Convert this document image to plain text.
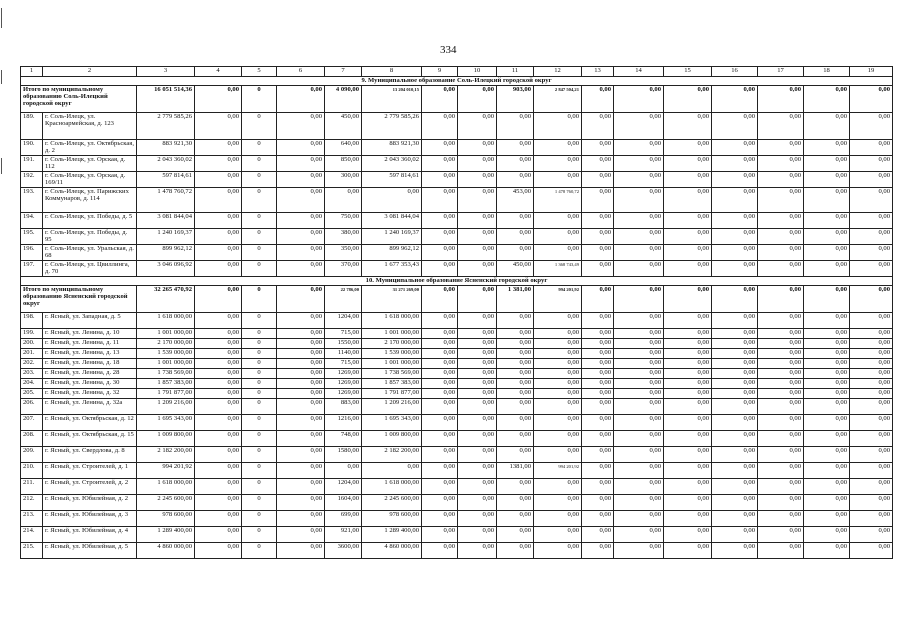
334
1	2	3	4	5	6	7	8	9	10	11	12	13	14	15	16	17	18	19
9. Муниципальное образование Соль-Илецкий городской округ																		
Итого по муниципальному образованию Соль-Илецкий городской округ		16 051 514,36	0,00	0	0,00	4 090,00	13 204 010,15	0,00	0,00	903,00	2 847 504,21	0,00	0,00	0,00	0,00	0,00	0,00	0,00
189.	г. Соль-Илецк, ул. Красноармейская, д. 123	2 779 585,26	0,00	0	0,00	450,00	2 779 585,26	0,00	0,00	0,00	0,00	0,00	0,00	0,00	0,00	0,00	0,00	0,00
190.	г. Соль-Илецк, ул. Октябрьская, д. 2	883 921,30	0,00	0	0,00	640,00	883 921,30	0,00	0,00	0,00	0,00	0,00	0,00	0,00	0,00	0,00	0,00	0,00
191.	г. Соль-Илецк, ул. Орская, д. 112	2 043 360,02	0,00	0	0,00	850,00	2 043 360,02	0,00	0,00	0,00	0,00	0,00	0,00	0,00	0,00	0,00	0,00	0,00
192.	г. Соль-Илецк, ул. Орская, д. 169/11	597 814,61	0,00	0	0,00	300,00	597 814,61	0,00	0,00	0,00	0,00	0,00	0,00	0,00	0,00	0,00	0,00	0,00
193.	г. Соль-Илецк, ул. Парижских Коммунаров, д. 114	1 478 760,72	0,00	0	0,00	0,00	0,00	0,00	0,00	453,00	1 478 760,72	0,00	0,00	0,00	0,00	0,00	0,00	0,00
194.	г. Соль-Илецк, ул. Победы, д. 5	3 081 844,04	0,00	0	0,00	750,00	3 081 844,04	0,00	0,00	0,00	0,00	0,00	0,00	0,00	0,00	0,00	0,00	0,00
195.	г. Соль-Илецк, ул. Победы, д. 95	1 240 169,37	0,00	0	0,00	380,00	1 240 169,37	0,00	0,00	0,00	0,00	0,00	0,00	0,00	0,00	0,00	0,00	0,00
196.	г. Соль-Илецк, ул. Уральская, д. 68	899 962,12	0,00	0	0,00	350,00	899 962,12	0,00	0,00	0,00	0,00	0,00	0,00	0,00	0,00	0,00	0,00	0,00
197.	г. Соль-Илецк, ул. Цвиллинга, д. 70	3 046 096,92	0,00	0	0,00	370,00	1 677 353,43	0,00	0,00	450,00	1 368 743,49	0,00	0,00	0,00	0,00	0,00	0,00	0,00
10. Муниципальное образование Ясненский городской округ																		
Итого по муниципальному образованию Ясненский городской округ		32 265 470,92	0,00	0	0,00	22 786,00	31 271 269,00	0,00	0,00	1 381,00	994 201,92	0,00	0,00	0,00	0,00	0,00	0,00	0,00
198.	г. Ясный, ул. Западная, д. 5	1 618 000,00	0,00	0	0,00	1204,00	1 618 000,00	0,00	0,00	0,00	0,00	0,00	0,00	0,00	0,00	0,00	0,00	0,00
199.	г. Ясный, ул. Ленина, д. 10	1 001 000,00	0,00	0	0,00	715,00	1 001 000,00	0,00	0,00	0,00	0,00	0,00	0,00	0,00	0,00	0,00	0,00	0,00
200.	г. Ясный, ул. Ленина, д. 11	2 170 000,00	0,00	0	0,00	1550,00	2 170 000,00	0,00	0,00	0,00	0,00	0,00	0,00	0,00	0,00	0,00	0,00	0,00
201.	г. Ясный, ул. Ленина, д. 13	1 539 000,00	0,00	0	0,00	1140,00	1 539 000,00	0,00	0,00	0,00	0,00	0,00	0,00	0,00	0,00	0,00	0,00	0,00
202.	г. Ясный, ул. Ленина, д. 18	1 001 000,00	0,00	0	0,00	715,00	1 001 000,00	0,00	0,00	0,00	0,00	0,00	0,00	0,00	0,00	0,00	0,00	0,00
203.	г. Ясный, ул. Ленина, д. 28	1 738 569,00	0,00	0	0,00	1269,00	1 738 569,00	0,00	0,00	0,00	0,00	0,00	0,00	0,00	0,00	0,00	0,00	0,00
204.	г. Ясный, ул. Ленина, д. 30	1 857 383,00	0,00	0	0,00	1269,00	1 857 383,00	0,00	0,00	0,00	0,00	0,00	0,00	0,00	0,00	0,00	0,00	0,00
205.	г. Ясный, ул. Ленина, д. 32	1 791 877,00	0,00	0	0,00	1269,00	1 791 877,00	0,00	0,00	0,00	0,00	0,00	0,00	0,00	0,00	0,00	0,00	0,00
206.	г. Ясный, ул. Ленина, д. 32а	1 209 216,00	0,00	0	0,00	883,00	1 209 216,00	0,00	0,00	0,00	0,00	0,00	0,00	0,00	0,00	0,00	0,00	0,00
207.	г. Ясный, ул. Октябрьская, д. 12	1 695 343,00	0,00	0	0,00	1216,00	1 695 343,00	0,00	0,00	0,00	0,00	0,00	0,00	0,00	0,00	0,00	0,00	0,00
208.	г. Ясный, ул. Октябрьская, д. 15	1 009 800,00	0,00	0	0,00	748,00	1 009 800,00	0,00	0,00	0,00	0,00	0,00	0,00	0,00	0,00	0,00	0,00	0,00
209.	г. Ясный, ул. Свердлова, д. 8	2 182 200,00	0,00	0	0,00	1580,00	2 182 200,00	0,00	0,00	0,00	0,00	0,00	0,00	0,00	0,00	0,00	0,00	0,00
210.	г. Ясный, ул. Строителей, д. 1	994 201,92	0,00	0	0,00	0,00	0,00	0,00	0,00	1381,00	994 201,92	0,00	0,00	0,00	0,00	0,00	0,00	0,00
211.	г. Ясный, ул. Строителей, д. 2	1 618 000,00	0,00	0	0,00	1204,00	1 618 000,00	0,00	0,00	0,00	0,00	0,00	0,00	0,00	0,00	0,00	0,00	0,00
212.	г. Ясный, ул. Юбилейная, д. 2	2 245 600,00	0,00	0	0,00	1604,00	2 245 600,00	0,00	0,00	0,00	0,00	0,00	0,00	0,00	0,00	0,00	0,00	0,00
213.	г. Ясный, ул. Юбилейная, д. 3	978 600,00	0,00	0	0,00	699,00	978 600,00	0,00	0,00	0,00	0,00	0,00	0,00	0,00	0,00	0,00	0,00	0,00
214.	г. Ясный, ул. Юбилейная, д. 4	1 289 400,00	0,00	0	0,00	921,00	1 289 400,00	0,00	0,00	0,00	0,00	0,00	0,00	0,00	0,00	0,00	0,00	0,00
215.	г. Ясный, ул. Юбилейная, д. 5	4 860 000,00	0,00	0	0,00	3600,00	4 860 000,00	0,00	0,00	0,00	0,00	0,00	0,00	0,00	0,00	0,00	0,00	0,00
